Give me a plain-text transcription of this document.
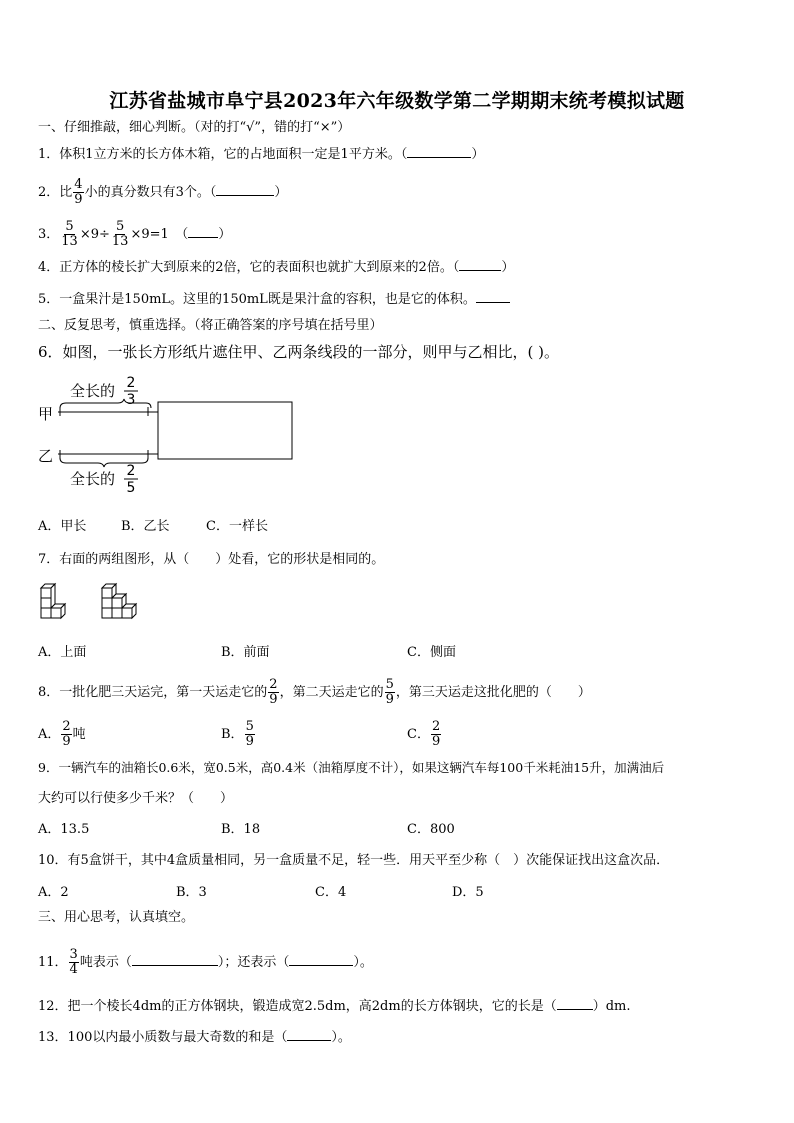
江苏省盐城市阜宁县2023年六年级数学第二学期期末统考模拟试题
一、仔细推敲，细心判断。（对的打“√”，错的打“×”）
1．体积1立方米的长方体木箱，它的占地面积一定是1平方米。（	）
2．比 $\frac{4}{9}$ 小的真分数只有3个。（	）
3． $\frac{5}{13} \times 9\div \frac{5}{13} \times 9=1$　（ ）
4．正方体的棱长扩大到原来的2倍，它的表面积也就扩大到原来的2倍。（	）
5．一盒果汁是150mL。这里的150mL既是果汁盒的容积，也是它的体积。
二、反复思考，慎重选择。（将正确答案的序号填在括号里）
6．如图，一张长方形纸片遮住甲、乙两条线段的一部分，则甲与乙相比，( )。
全长的 2
3
甲
乙
全长的 2
5
A．甲长	B．乙长	C．一样长
7．右面的两组图形，从（　　）处看，它的形状是相同的。
A．上面	B．前面	C．侧面
8．一批化肥三天运完，第一天运走它的 $\frac{2}{9}$ ，第二天运走它的 $\frac{5}{9}$ ，第三天运走这批化肥的（　　）
A． $\frac{2}{9}$ 吨	B． $\frac{5}{9}$	C． $\frac{2}{9}$
9．一辆汽车的油箱长0.6米，宽0.5米，高0.4米（油箱厚度不计），如果这辆汽车每100千米耗油15升，加满油后
大约可以行使多少千米？（　　）
A．13.5	B．18	C．800
10．有5盒饼干，其中4盒质量相同，另一盒质量不足，轻一些．用天平至少称（　）次能保证找出这盒次品．
A．2	B．3	C．4	D．5
三、用心思考，认真填空。
11． $\frac{3}{4}$ 吨表示（	）；还表示（	）。
12．把一个棱长4dm的正方体钢块，锻造成宽2.5dm，高2dm的长方体钢块，它的长是（	）dm.
13．100以内最小质数与最大奇数的和是（	）。
